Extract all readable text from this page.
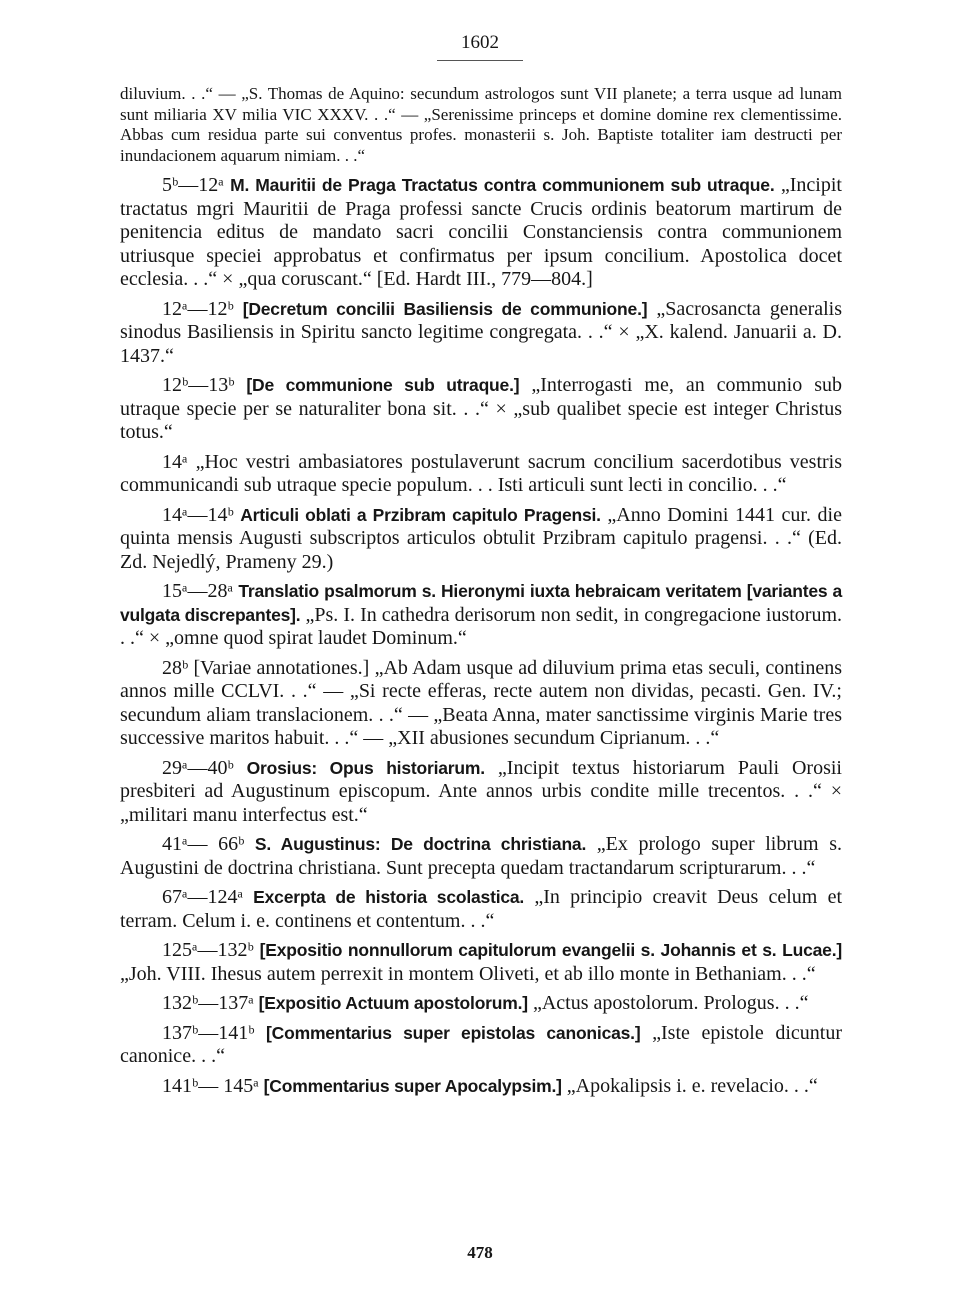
1602

diluvium. . .“ — „S. Thomas de Aquino: secundum astrologos sunt VII planete; a terra usque ad lunam sunt miliaria XV milia VIC XXXV. . .“ — „Serenissime princeps et domine domine rex clementissime. Abbas cum residua parte sui conventus profes. monasterii s. Joh. Baptiste totaliter iam destructi per inundacionem aquarum nimiam. . .“

5ᵇ—12ᵃ M. Mauritii de Praga Tractatus contra communionem sub utraque. „Incipit tractatus mgri Mauritii de Praga professi sancte Crucis ordinis beatorum martirum de penitencia editus de mandato sacri concilii Constanciensis contra communionem utriusque speciei approbatus et confirmatus per ipsum concilium. Apostolica docet ecclesia. . .“ × „qua coruscant.“ [Ed. Hardt III., 779—804.]

12ᵃ—12ᵇ [Decretum concilii Basiliensis de communione.] „Sacrosancta generalis sinodus Basiliensis in Spiritu sancto legitime congregata. . .“ × „X. kalend. Januarii a. D. 1437.“

12ᵇ—13ᵇ [De communione sub utraque.] „Interrogasti me, an communio sub utraque specie per se naturaliter bona sit. . .“ × „sub qualibet specie est integer Christus totus.“

14ᵃ „Hoc vestri ambasiatores postulaverunt sacrum concilium sacerdotibus vestris communicandi sub utraque specie populum. . . Isti articuli sunt lecti in concilio. . .“

14ᵃ—14ᵇ Articuli oblati a Przibram capitulo Pragensi. „Anno Domini 1441 cur. die quinta mensis Augusti subscriptos articulos obtulit Przibram capitulo pragensi. . .“ (Ed. Zd. Nejedlý, Prameny 29.)

15ᵃ—28ᵃ Translatio psalmorum s. Hieronymi iuxta hebraicam veritatem [variantes a vulgata discrepantes]. „Ps. I. In cathedra derisorum non sedit, in congregacione iustorum. . .“ × „omne quod spirat laudet Dominum.“

28ᵇ [Variae annotationes.] „Ab Adam usque ad diluvium prima etas seculi, continens annos mille CCLVI. . .“ — „Si recte efferas, recte autem non dividas, pecasti. Gen. IV.; secundum aliam translacionem. . .“ — „Beata Anna, mater sanctissime virginis Marie tres successive maritos habuit. . .“ — „XII abusiones secundum Ciprianum. . .“

29ᵃ—40ᵇ Orosius: Opus historiarum. „Incipit textus historiarum Pauli Orosii presbiteri ad Augustinum episcopum. Ante annos urbis condite mille trecentos. . .“ × „militari manu interfectus est.“

41ᵃ— 66ᵇ S. Augustinus: De doctrina christiana. „Ex prologo super librum s. Augustini de doctrina christiana. Sunt precepta quedam tractandarum scripturarum. . .“

67ᵃ—124ᵃ Excerpta de historia scolastica. „In principio creavit Deus celum et terram. Celum i. e. continens et contentum. . .“

125ᵃ—132ᵇ [Expositio nonnullorum capitulorum evangelii s. Johannis et s. Lucae.] „Joh. VIII. Ihesus autem perrexit in montem Oliveti, et ab illo monte in Bethaniam. . .“

132ᵇ—137ᵃ [Expositio Actuum apostolorum.] „Actus apostolorum. Prologus. . .“

137ᵇ—141ᵇ [Commentarius super epistolas canonicas.] „Iste epistole dicuntur canonice. . .“

141ᵇ— 145ᵃ [Commentarius super Apocalypsim.] „Apokalipsis i. e. revelacio. . .“

478
